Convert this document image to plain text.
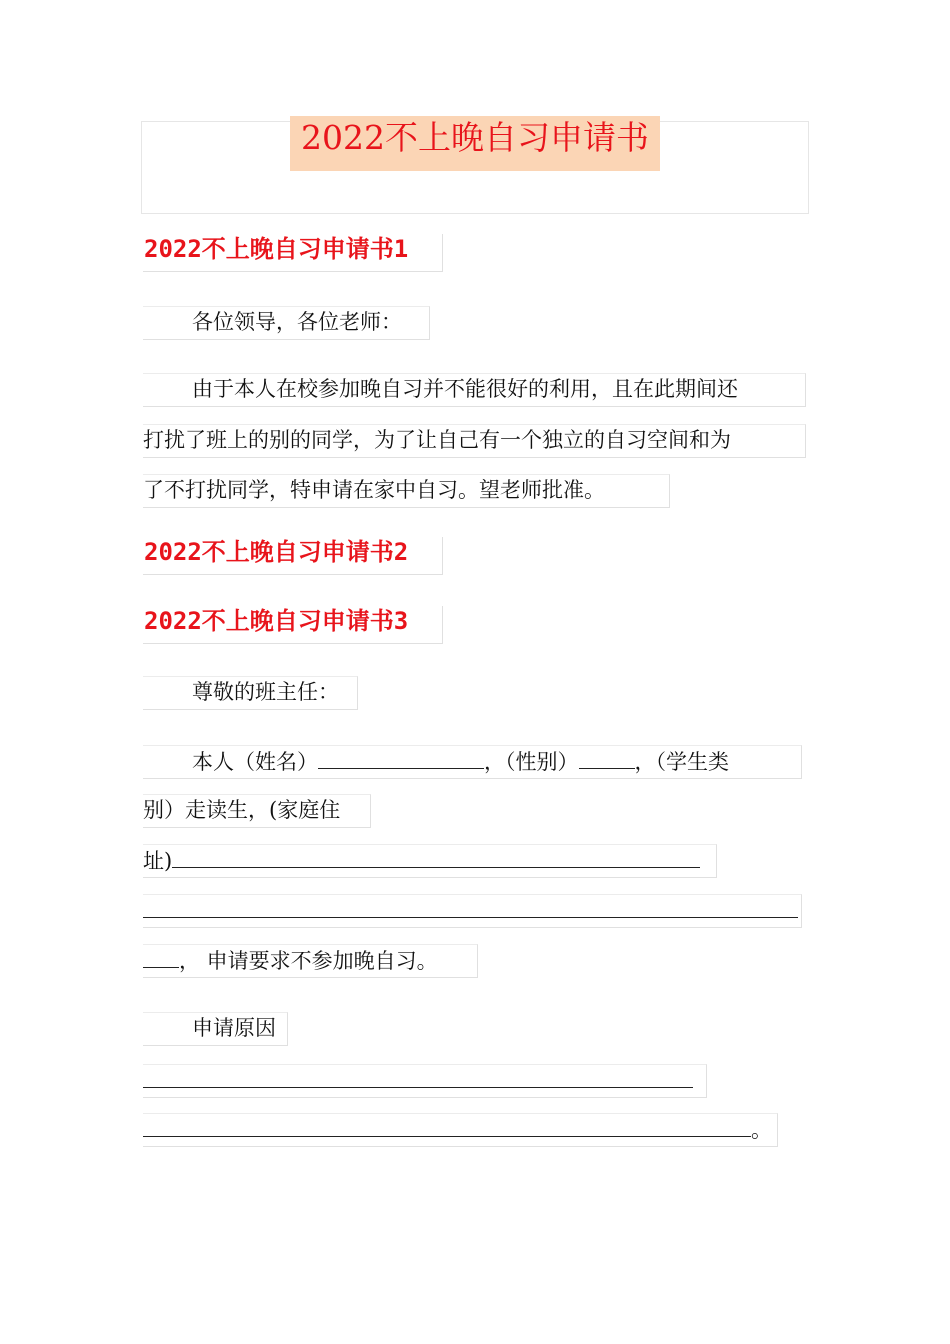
2022不上晚自习申请书
2022不上晚自习申请书1
各位领导，各位老师：
由于本人在校参加晚自习并不能很好的利用，且在此期间还
打扰了班上的别的同学，为了让自己有一个独立的自习空间和为
了不打扰同学，特申请在家中自习。望老师批准。
2022不上晚自习申请书2
2022不上晚自习申请书3
尊敬的班主任：
本人（姓名）	，（性别）	，（学生类
别）走读生，(家庭住
址)
， 申请要求不参加晚自习。
申请原因
。
